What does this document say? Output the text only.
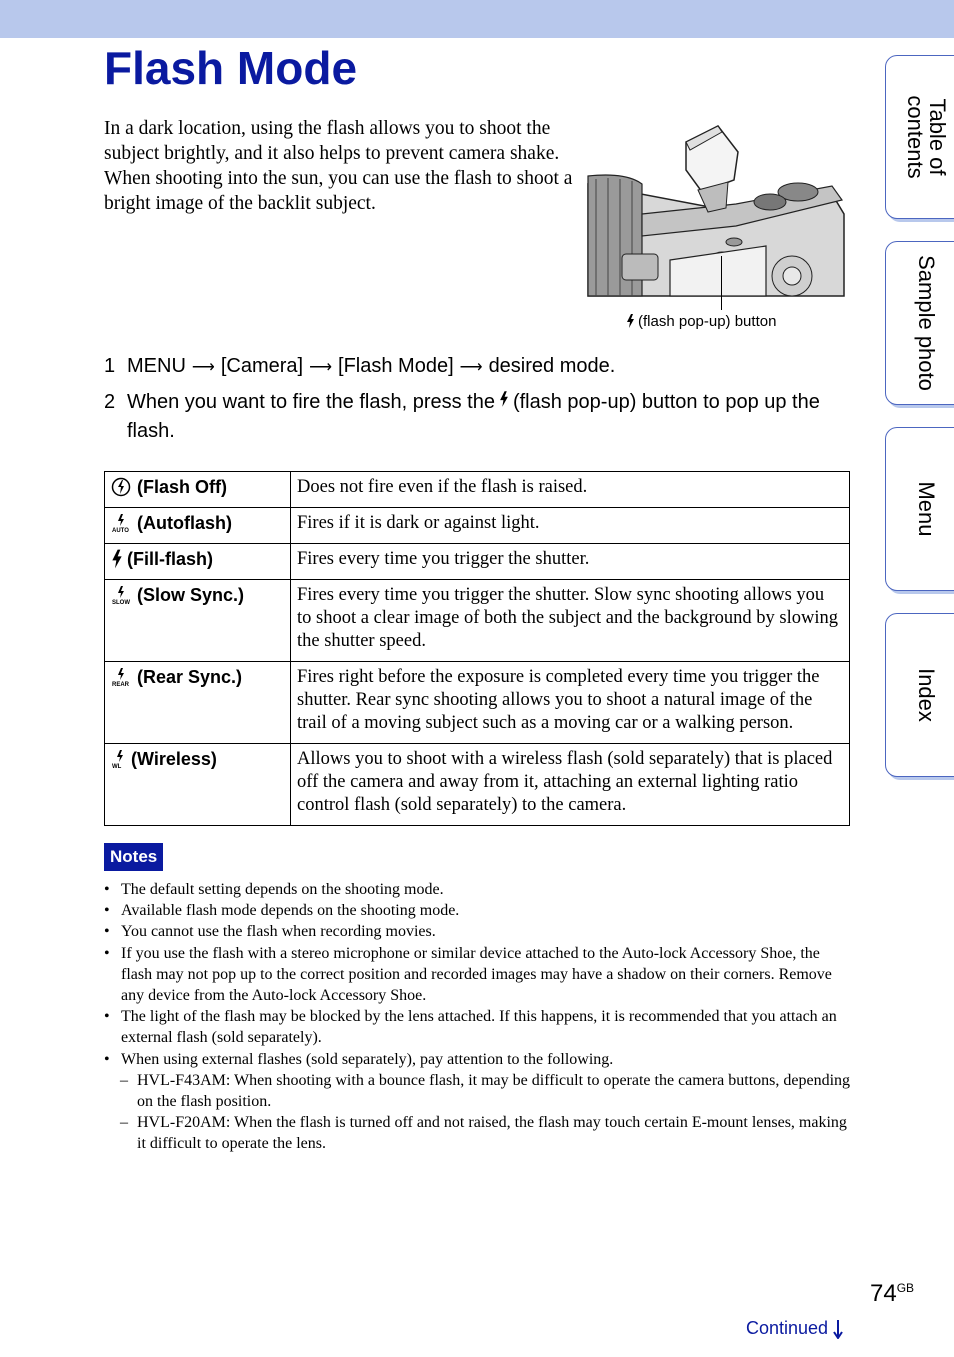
Flash Mode

In a dark location, using the flash allows you to shoot the subject brightly, and it also helps to prevent camera shake. When shooting into the sun, you can use the flash to shoot a bright image of the backlit subject.

(flash pop-up) button
1 MENU ⟶ [Camera] ⟶ [Flash Mode] ⟶ desired mode.
2 When you want to fire the flash, press the (flash pop-up) button to pop up the flash.
(Flash Off)	Does not fire even if the flash is raised.

AUTO (Autoflash)	Fires if it is dark or against light.
(Fill-flash)	Fires every time you trigger the shutter.

SLOW (Slow Sync.)	Fires every time you trigger the shutter. Slow sync shooting allows you to shoot a clear image of both the subject and the background by slowing the shutter speed.

REAR (Rear Sync.)	Fires right before the exposure is completed every time you trigger the shutter. Rear sync shooting allows you to shoot a natural image of the trail of a moving subject such as a moving car or a walking person.

WL (Wireless)	Allows you to shoot with a wireless flash (sold separately) that is placed off the camera and away from it, attaching an external lighting ratio control flash (sold separately) to the camera.
Notes
• The default setting depends on the shooting mode.
• Available flash mode depends on the shooting mode.
• You cannot use the flash when recording movies.
• If you use the flash with a stereo microphone or similar device attached to the Auto-lock Accessory Shoe, the flash may not pop up to the correct position and recorded images may have a shadow on their corners. Remove any device from the Auto-lock Accessory Shoe.
• The light of the flash may be blocked by the lens attached. If this happens, it is recommended that you attach an external flash (sold separately).
• When using external flashes (sold separately), pay attention to the following.
– HVL-F43AM: When shooting with a bounce flash, it may be difficult to operate the camera buttons, depending on the flash position.
– HVL-F20AM: When the flash is turned off and not raised, the flash may touch certain E-mount lenses, making it difficult to operate the lens.
Table of
contents
Sample photo
Menu
Index
$74^{GB}$
Continued
